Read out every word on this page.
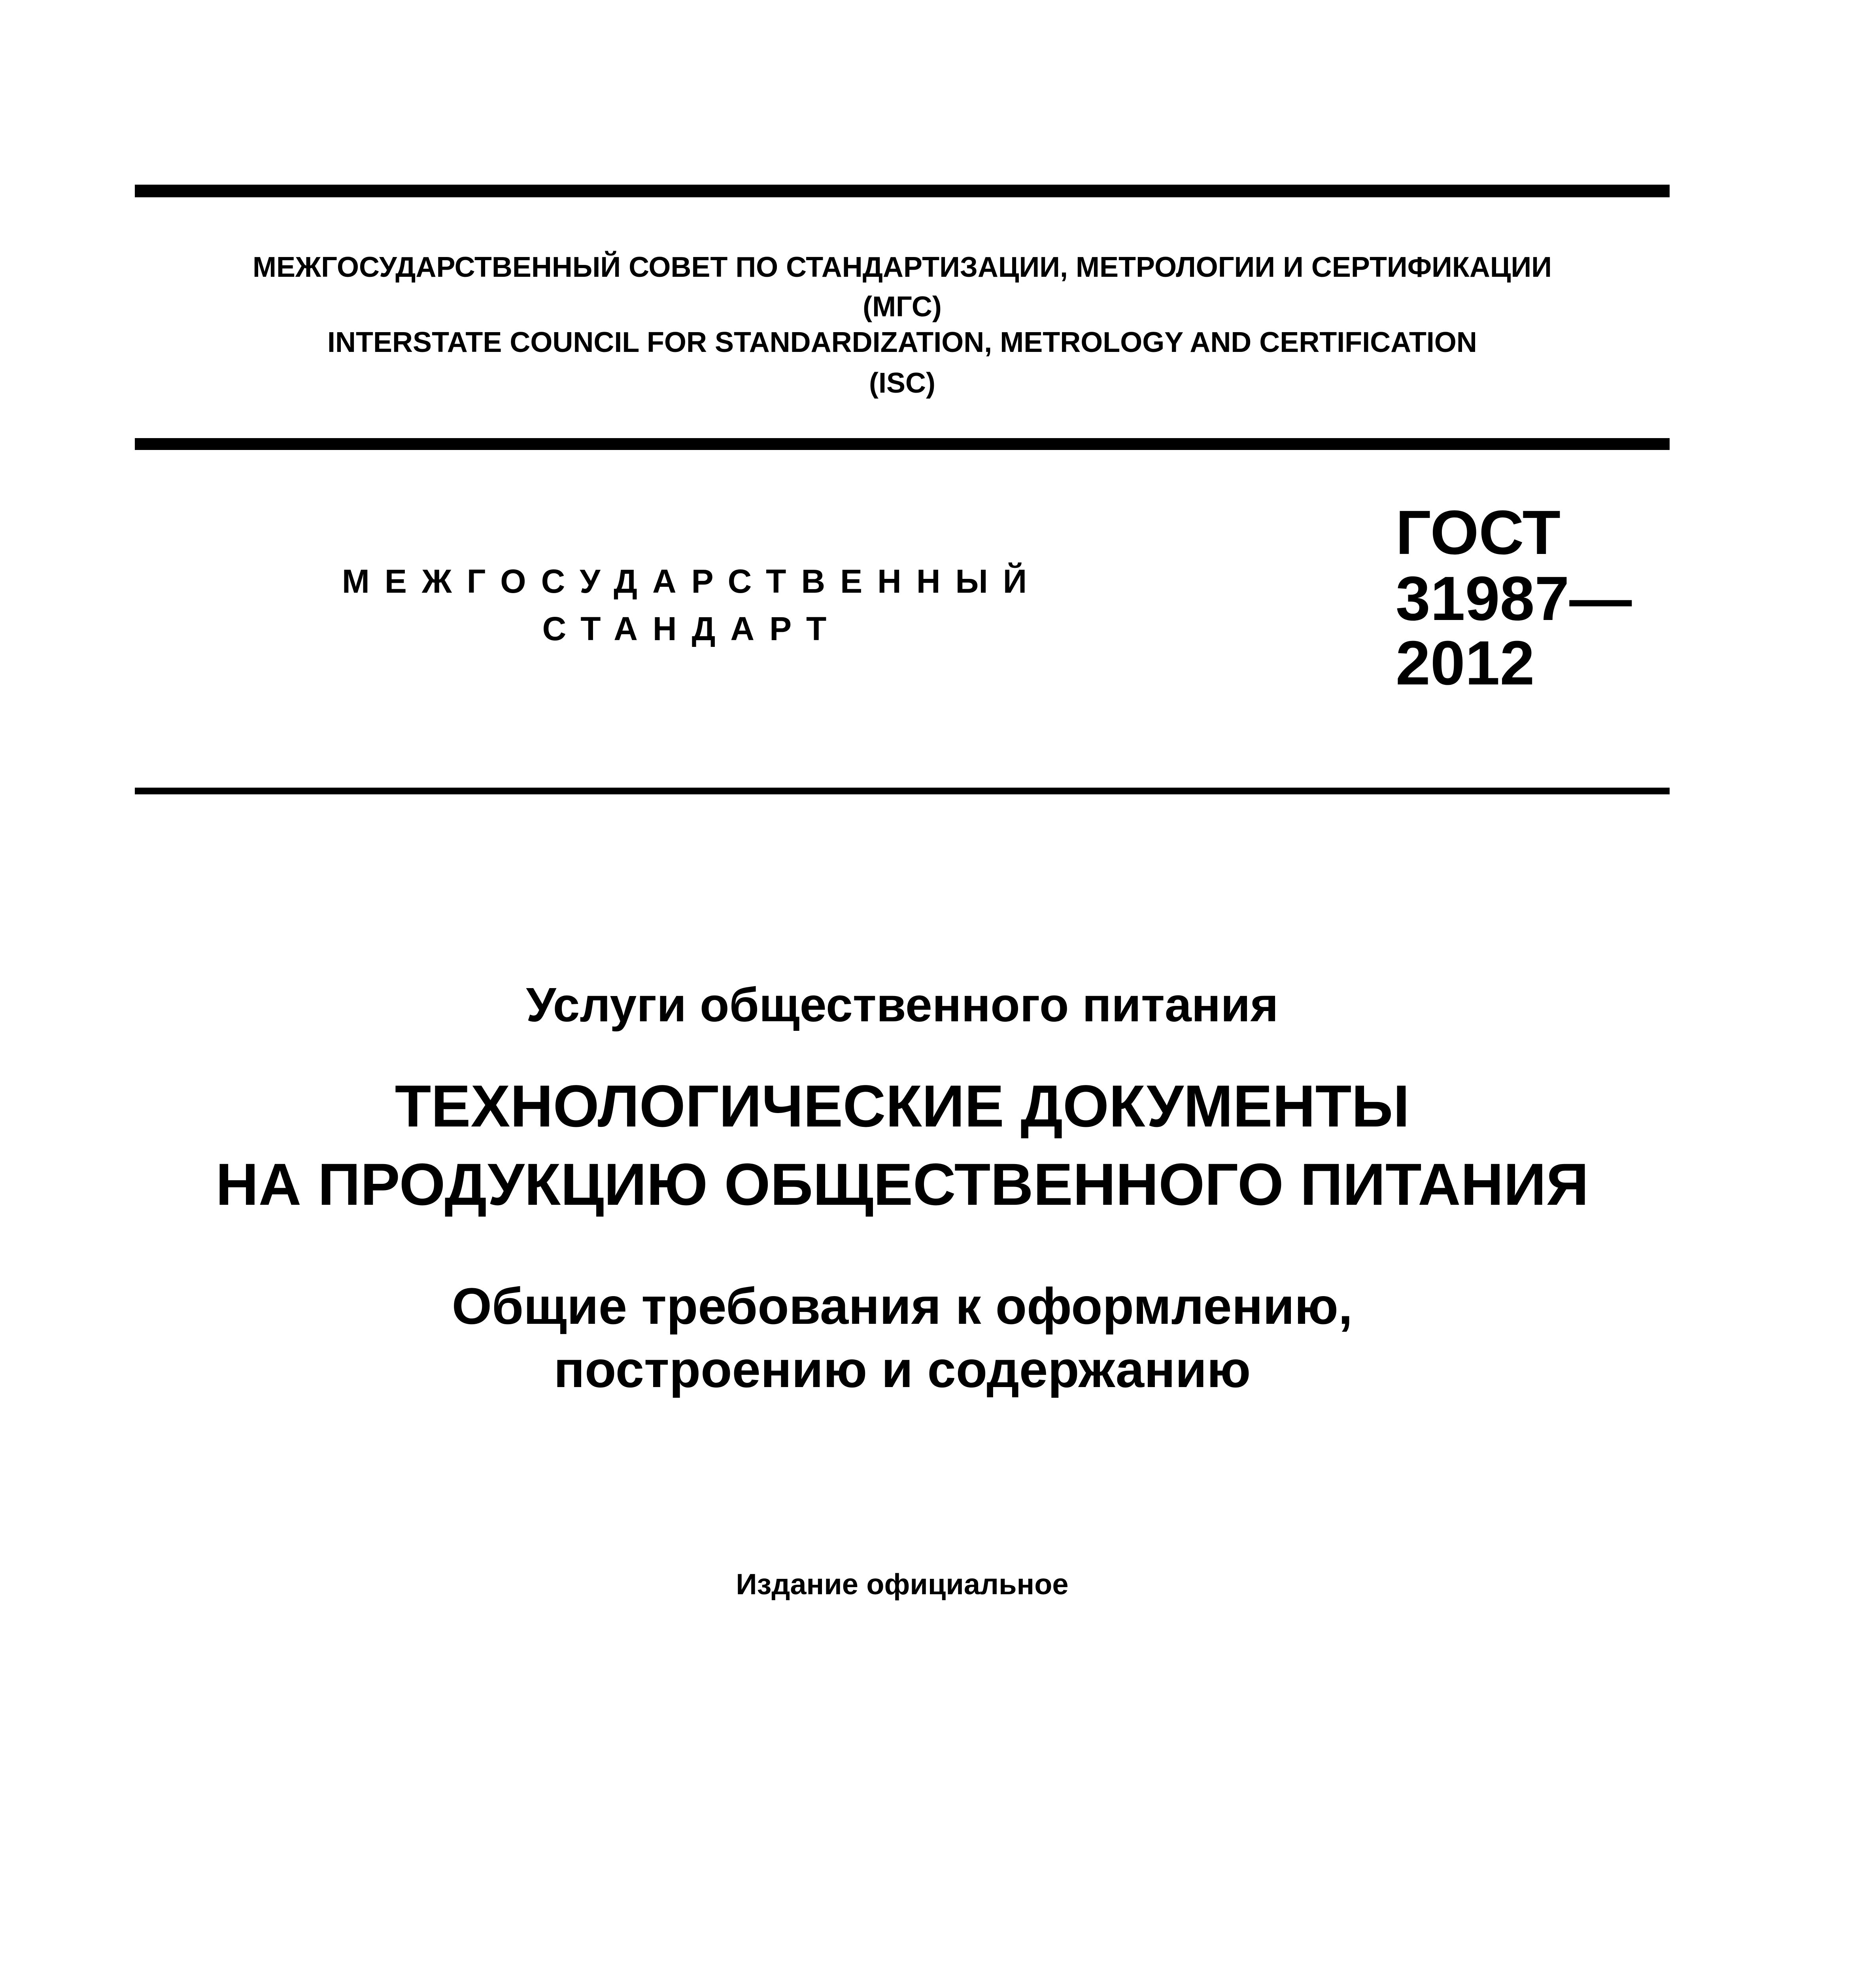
МЕЖГОСУДАРСТВЕННЫЙ СОВЕТ ПО СТАНДАРТИЗАЦИИ, МЕТРОЛОГИИ И СЕРТИФИКАЦИИ
(МГС)
INTERSTATE COUNCIL FOR STANDARDIZATION, METROLOGY AND CERTIFICATION
(ISC)
МЕЖГОСУДАРСТВЕННЫЙ
СТАНДАРТ
ГОСТ
31987—
2012
Услуги общественного питания
ТЕХНОЛОГИЧЕСКИЕ ДОКУМЕНТЫ
НА ПРОДУКЦИЮ ОБЩЕСТВЕННОГО ПИТАНИЯ
Общие требования к оформлению,
построению и содержанию
Издание официальное
